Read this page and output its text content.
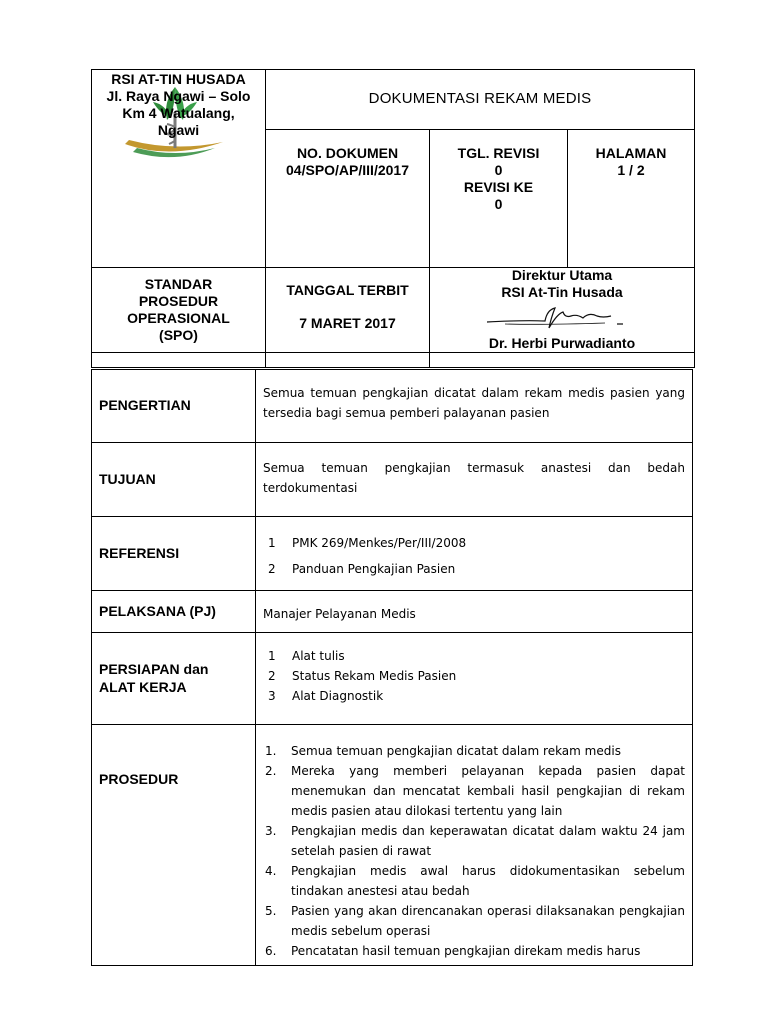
RSI AT-TIN HUSADA
Jl. Raya Ngawi – Solo
Km 4 Watualang,
Ngawi
DOKUMENTASI REKAM MEDIS
NO. DOKUMEN
04/SPO/AP/III/2017
TGL. REVISI
0
REVISI KE
0
HALAMAN
1 / 2
STANDAR
PROSEDUR
OPERASIONAL
(SPO)
TANGGAL TERBIT
7 MARET 2017
Direktur Utama
RSI At-Tin Husada
Dr. Herbi Purwadianto
PENGERTIAN
Semua temuan pengkajian dicatat dalam rekam medis pasien yang tersedia bagi semua pemberi palayanan pasien
TUJUAN
Semua temuan pengkajian termasuk anastesi dan bedah terdokumentasi
REFERENSI
1 PMK 269/Menkes/Per/III/2008
2 Panduan Pengkajian Pasien
PELAKSANA (PJ)	Manajer Pelayanan Medis
PERSIAPAN dan
ALAT KERJA
1 Alat tulis
2 Status Rekam Medis Pasien
3 Alat Diagnostik
PROSEDUR
1. Semua temuan pengkajian dicatat dalam rekam medis
2. Mereka yang memberi pelayanan kepada pasien dapat menemukan dan mencatat kembali hasil pengkajian di rekam medis pasien atau dilokasi tertentu yang lain
3. Pengkajian medis dan keperawatan dicatat dalam waktu 24 jam setelah pasien di rawat
4. Pengkajian medis awal harus didokumentasikan sebelum tindakan anestesi atau bedah
5. Pasien yang akan direncanakan operasi dilaksanakan pengkajian medis sebelum operasi
6. Pencatatan hasil temuan pengkajian direkam medis harus
